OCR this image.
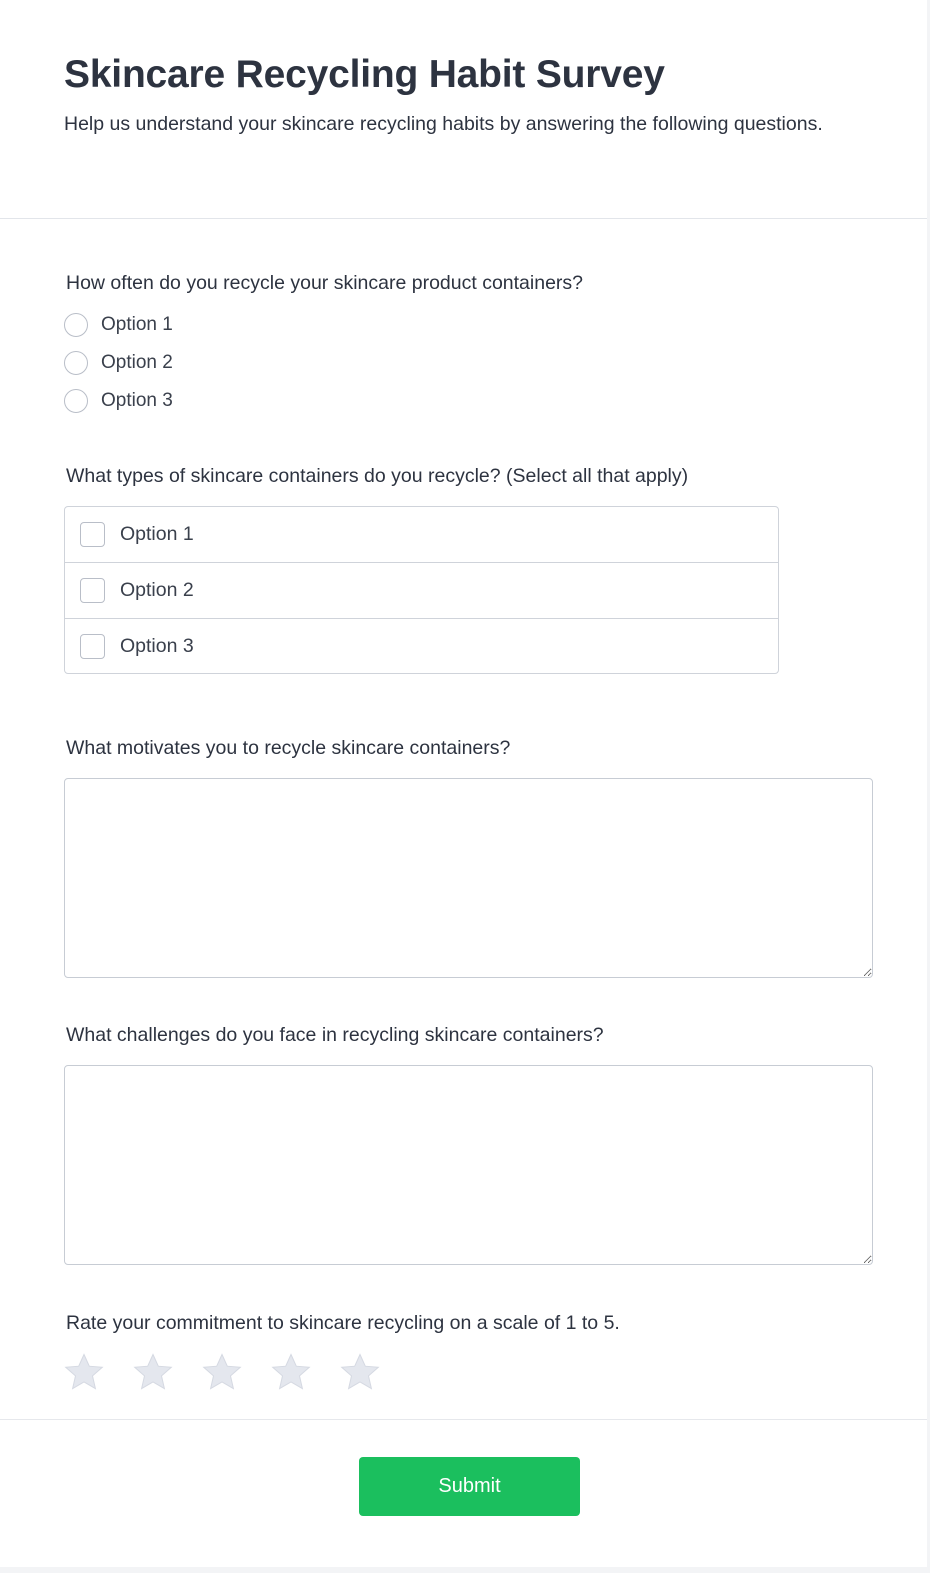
Skincare Recycling Habit Survey

Help us understand your skincare recycling habits by answering the following questions.

How often do you recycle your skincare product containers?
Option 1
Option 2
Option 3
What types of skincare containers do you recycle? (Select all that apply)
Option 1
Option 2
Option 3
What motivates you to recycle skincare containers?
What challenges do you face in recycling skincare containers?
Rate your commitment to skincare recycling on a scale of 1 to 5.
Submit
